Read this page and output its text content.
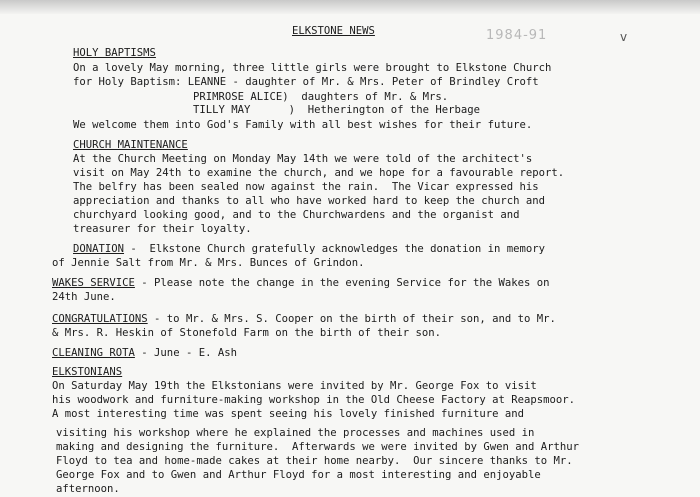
1984-91	v

ELKSTONE NEWS

HOLY BAPTISMS

On a lovely May morning, three little girls were brought to Elkstone Church

for Holy Baptism: LEANNE - daughter of Mr. & Mrs. Peter of Brindley Croft

PRIMROSE ALICE)  daughters of Mr. & Mrs.

TILLY MAY      )  Hetherington of the Herbage

We welcome them into God's Family with all best wishes for their future.

CHURCH MAINTENANCE

At the Church Meeting on Monday May 14th we were told of the architect's

visit on May 24th to examine the church, and we hope for a favourable report.

The belfry has been sealed now against the rain.  The Vicar expressed his

appreciation and thanks to all who have worked hard to keep the church and

churchyard looking good, and to the Churchwardens and the organist and

treasurer for their loyalty.

DONATION -  Elkstone Church gratefully acknowledges the donation in memory

of Jennie Salt from Mr. & Mrs. Bunces of Grindon.

WAKES SERVICE - Please note the change in the evening Service for the Wakes on

24th June.

CONGRATULATIONS - to Mr. & Mrs. S. Cooper on the birth of their son, and to Mr.

& Mrs. R. Heskin of Stonefold Farm on the birth of their son.

CLEANING ROTA - June - E. Ash

ELKSTONIANS

On Saturday May 19th the Elkstonians were invited by Mr. George Fox to visit

his woodwork and furniture-making workshop in the Old Cheese Factory at Reapsmoor.

A most interesting time was spent seeing his lovely finished furniture and

visiting his workshop where he explained the processes and machines used in

making and designing the furniture.  Afterwards we were invited by Gwen and Arthur

Floyd to tea and home-made cakes at their home nearby.  Our sincere thanks to Mr.

George Fox and to Gwen and Arthur Floyd for a most interesting and enjoyable

afternoon.
